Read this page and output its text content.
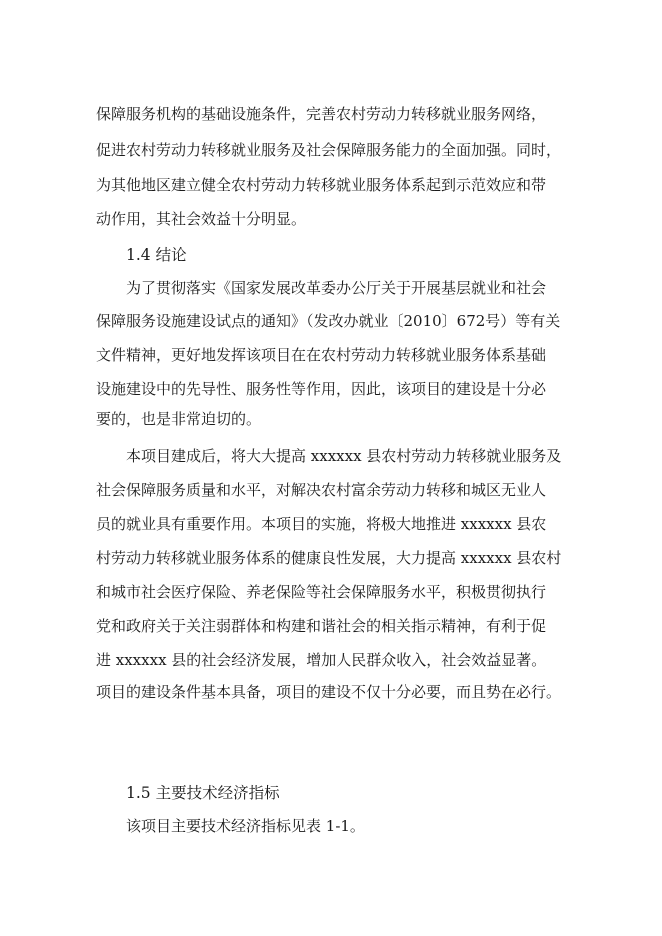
保障服务机构的基础设施条件，完善农村劳动力转移就业服务网络，
促进农村劳动力转移就业服务及社会保障服务能力的全面加强。同时，
为其他地区建立健全农村劳动力转移就业服务体系起到示范效应和带
动作用，其社会效益十分明显。
1.4 结论
为了贯彻落实《国家发展改革委办公厅关于开展基层就业和社会
保障服务设施建设试点的通知》（发改办就业〔2010〕672号）等有关
文件精神，更好地发挥该项目在在农村劳动力转移就业服务体系基础
设施建设中的先导性、服务性等作用，因此，该项目的建设是十分必
要的，也是非常迫切的。
本项目建成后，将大大提高 xxxxxx 县农村劳动力转移就业服务及
社会保障服务质量和水平，对解决农村富余劳动力转移和城区无业人
员的就业具有重要作用。本项目的实施，将极大地推进 xxxxxx 县农
村劳动力转移就业服务体系的健康良性发展，大力提高 xxxxxx 县农村
和城市社会医疗保险、养老保险等社会保障服务水平，积极贯彻执行
党和政府关于关注弱群体和构建和谐社会的相关指示精神，有利于促
进 xxxxxx 县的社会经济发展，增加人民群众收入，社会效益显著。
项目的建设条件基本具备，项目的建设不仅十分必要，而且势在必行。
1.5 主要技术经济指标
该项目主要技术经济指标见表 1-1。
